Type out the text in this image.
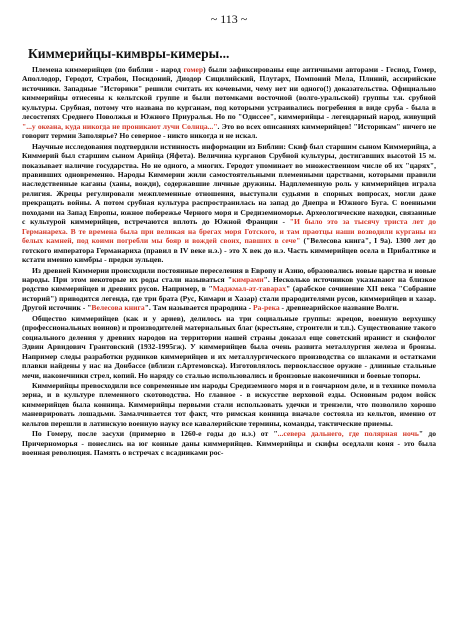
~ 113 ~
Киммерийцы-кимвры-кимеры...

Племена киммерийцев (по библии - народ гомер) были зафиксированы еще античными авторами - Гесиод, Гомер, Аполлодор, Геродот, Страбон, Посидоний, Диодор Сицилийский, Плутарх, Помпоний Мела, Плиний, ассирийские источники. Западные "Историки" решили считать их кочевыми, чему нет ни одного(!) доказательства. Официально киммерийцы отнесены к кельтской группе и были потомками восточной (волго-уральской) группы т.н. срубной культуры. Срубная, потому что названа по курганам, под которыми устраивались погребения в виде сруба - была в лесостепях Среднего Поволжья и Южного Приуралья. Но по "Одиссее", киммерийцы - легендарный народ, живущий "...у океана, куда никогда не проникают лучи Солнца...". Это во всех описаниях киммерийцев! "Историкам" ничего не говорит термин Заполярье? Но северное - никто никогда и не искал.

Научные исследования подтвердили истинность информации из Библии: Скиф был старшим сыном Киммерийца, а Киммерий был старшим сыном Арийца (Яфета). Величина курганов Срубной культуры, достигавших высотой 15 м. показывает наличие государства. Но не одного, а многих. Геродот упоминает во множественном числе об их "царях", правивших одновременно. Народы Киммерии жили самостоятельными племенными царствами, которыми правили наследственные каганы (ханы, вожди), содержавшие личные дружины. Надплеменную роль у киммерийцев играла религия. Жрецы регулировали межплеменные отношения, выступали судьями в спорных вопросах, могли даже прекращать войны. А потом срубная культура распространилась на запад до Днепра и Южного Буга. С военными походами на Запад Европы, южное побережье Черного моря и Средиземноморье. Археологические находки, связанные с культурой киммерийцев, встречаются вплоть до Южной Франции - "И было это за тысячу триста лет до Германареха. В те времена была при великая на брегах моря Готского, и там праотцы наши возводили курганы из белых камней, под коими погребли мы бояр и вождей своих, павших в сече" ("Велесова книга", I 9а). 1300 лет до готского императора Германариха (правил в IV веке н.э.) - это X век до н.э. Часть киммерийцев осела в Прибалтике и кстати именно кимбры - предки зульцев.

Из древней Киммерии происходили постоянные переселения в Европу и Азию, образовались новые царства и новые народы. При этом некоторые их роды стали называться "кимрами". Несколько источников указывают на близкое родство киммерийцев и древних русов. Например, в "Маджмал-ат-таварах" (арабское сочинение XII века "Собрание историй") приводится легенда, где три брата (Рус, Кимари и Хазар) стали прародителями русов, киммерийцев и хазар. Другой источник - "Велесова книга". Там называется прародина - Ра-река - древнеарийское название Волги.

Общество киммерийцев (как и у ариев), делилось на три социальные группы: жрецов, военную верхушку (профессиональных воинов) и производителей материальных благ (крестьяне, строители и т.п.). Существование такого социального деления у древних народов на территории нашей страны доказал еще советский иранист и скифолог Эдвин Арвидович Грантовский (1932-1995гж). У киммерийцев была очень развита металлургия железа и бронзы. Например следы разработки рудников киммерийцев и их металлургического производства со шлаками и остатками плавки найдены у нас на Донбассе (вблизи г.Артемовска). Изготовлялось первоклассное оружие - длинные стальные мечи, наконечники стрел, копий. Но наряду со сталью использовались и бронзовые наконечники и боевые топоры.

Киммерийцы превосходили все современные им народы Средиземного моря и в гончарном деле, и в технике помола зерна, и в культуре племенного скотоводства. Но главное - в искусстве верховой езды. Основным родом войск киммерийцев была конница. Киммерийцы первыми стали использовать удечки и трензели, что позволило хорошо маневрировать лошадьми. Замалчивается тот факт, что римская конница вначале состояла из кельтов, именно от кельтов перешли в латинскую военную науку все кавалерийские термины, команды, тактические приемы.

По Гомеру, после засухи (примерно в 1260-е годы до н.э.) от "...севера дальнего, где полярная ночь" до Причерноморья - понеслись на юг конные даны киммерийцев. Киммерийцы и скифы оседлали коня - это была военная революция. Память о встречах с всадниками рос-
